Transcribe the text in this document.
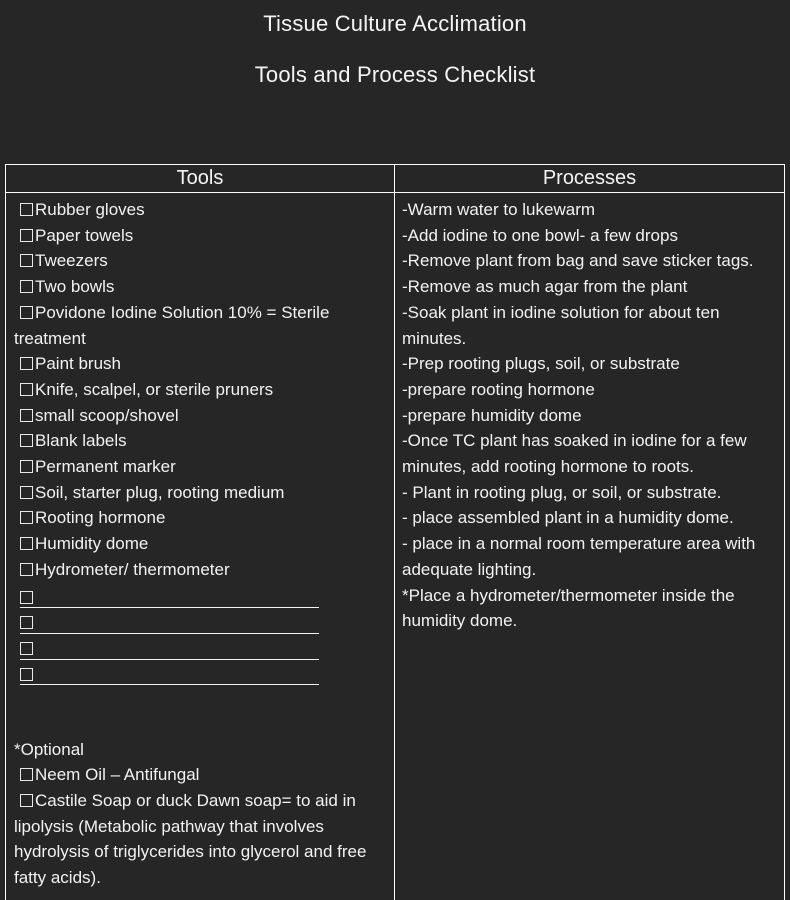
Tissue Culture Acclimation
Tools and Process Checklist
Tools	Processes
Rubber gloves
Paper towels
Tweezers
Two bowls
Povidone Iodine Solution 10% = Sterile treatment
Paint brush
Knife, scalpel, or sterile pruners
small scoop/shovel
Blank labels
Permanent marker
Soil, starter plug, rooting medium
Rooting hormone
Humidity dome
Hydrometer/ thermometer
*Optional
Neem Oil – Antifungal
Castile Soap or duck Dawn soap= to aid in lipolysis (Metabolic pathway that involves hydrolysis of triglycerides into glycerol and free fatty acids).
-Warm water to lukewarm
-Add iodine to one bowl- a few drops
-Remove plant from bag and save sticker tags.
-Remove as much agar from the plant
-Soak plant in iodine solution for about ten minutes.
-Prep rooting plugs, soil, or substrate
-prepare rooting hormone
-prepare humidity dome
-Once TC plant has soaked in iodine for a few minutes, add rooting hormone to roots.
- Plant in rooting plug, or soil, or substrate.
- place assembled plant in a humidity dome.
- place in a normal room temperature area with adequate lighting.
*Place a hydrometer/thermometer inside the humidity dome.
